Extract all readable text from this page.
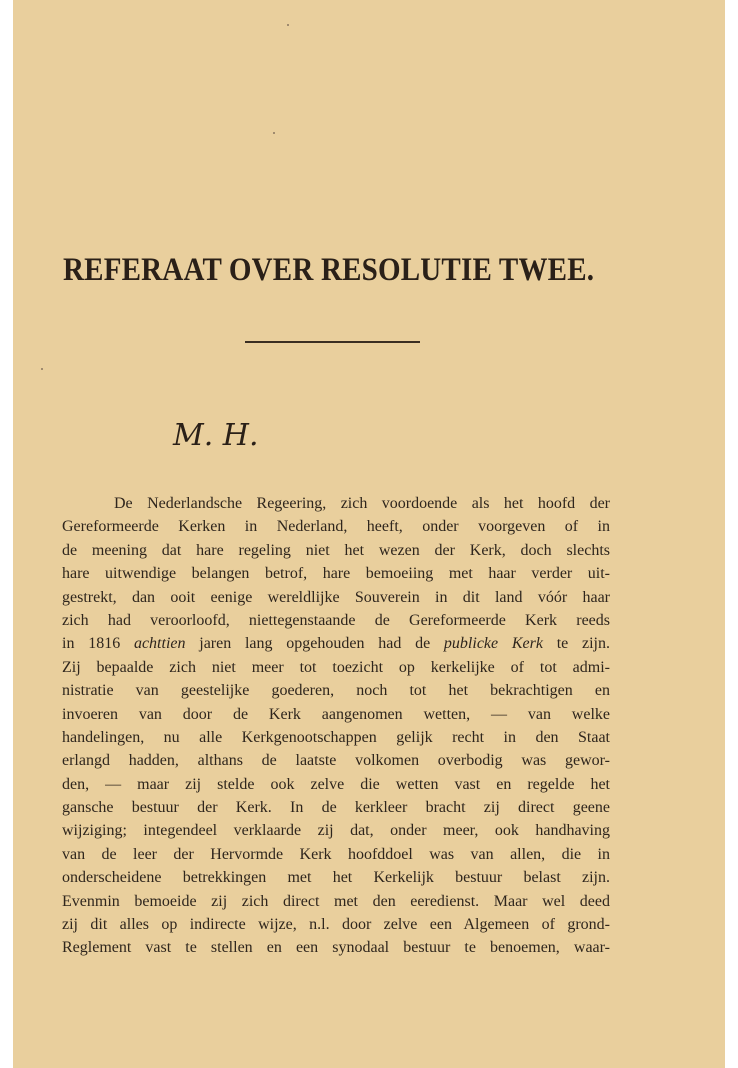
REFERAAT OVER RESOLUTIE TWEE.
M. H.
De Nederlandsche Regeering, zich voordoende als het hoofd der
Gereformeerde Kerken in Nederland, heeft, onder voorgeven of in
de meening dat hare regeling niet het wezen der Kerk, doch slechts
hare uitwendige belangen betrof, hare bemoeiing met haar verder uit-
gestrekt, dan ooit eenige wereldlijke Souverein in dit land vóór haar
zich had veroorloofd, niettegenstaande de Gereformeerde Kerk reeds
in 1816 achttien jaren lang opgehouden had de publicke Kerk te zijn.
Zij bepaalde zich niet meer tot toezicht op kerkelijke of tot admi-
nistratie van geestelijke goederen, noch tot het bekrachtigen en
invoeren van door de Kerk aangenomen wetten, — van welke
handelingen, nu alle Kerkgenootschappen gelijk recht in den Staat
erlangd hadden, althans de laatste volkomen overbodig was gewor-
den, — maar zij stelde ook zelve die wetten vast en regelde het
gansche bestuur der Kerk. In de kerkleer bracht zij direct geene
wijziging; integendeel verklaarde zij dat, onder meer, ook handhaving
van de leer der Hervormde Kerk hoofddoel was van allen, die in
onderscheidene betrekkingen met het Kerkelijk bestuur belast zijn.
Evenmin bemoeide zij zich direct met den eeredienst. Maar wel deed
zij dit alles op indirecte wijze, n.l. door zelve een Algemeen of grond-
Reglement vast te stellen en een synodaal bestuur te benoemen, waar-
